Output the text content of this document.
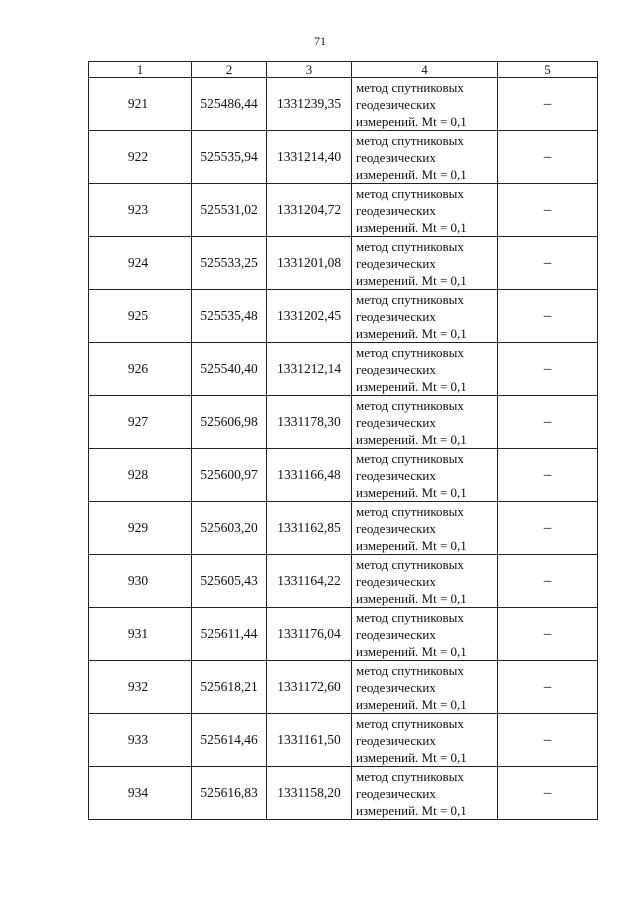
71
1	2	3	4	5
921	525486,44	1331239,35	метод спутниковых
геодезических
измерений. Mt = 0,1	–
922	525535,94	1331214,40	метод спутниковых
геодезических
измерений. Mt = 0,1	–
923	525531,02	1331204,72	метод спутниковых
геодезических
измерений. Mt = 0,1	–
924	525533,25	1331201,08	метод спутниковых
геодезических
измерений. Mt = 0,1	–
925	525535,48	1331202,45	метод спутниковых
геодезических
измерений. Mt = 0,1	–
926	525540,40	1331212,14	метод спутниковых
геодезических
измерений. Mt = 0,1	–
927	525606,98	1331178,30	метод спутниковых
геодезических
измерений. Mt = 0,1	–
928	525600,97	1331166,48	метод спутниковых
геодезических
измерений. Mt = 0,1	–
929	525603,20	1331162,85	метод спутниковых
геодезических
измерений. Mt = 0,1	–
930	525605,43	1331164,22	метод спутниковых
геодезических
измерений. Mt = 0,1	–
931	525611,44	1331176,04	метод спутниковых
геодезических
измерений. Mt = 0,1	–
932	525618,21	1331172,60	метод спутниковых
геодезических
измерений. Mt = 0,1	–
933	525614,46	1331161,50	метод спутниковых
геодезических
измерений. Mt = 0,1	–
934	525616,83	1331158,20	метод спутниковых
геодезических
измерений. Mt = 0,1	–
